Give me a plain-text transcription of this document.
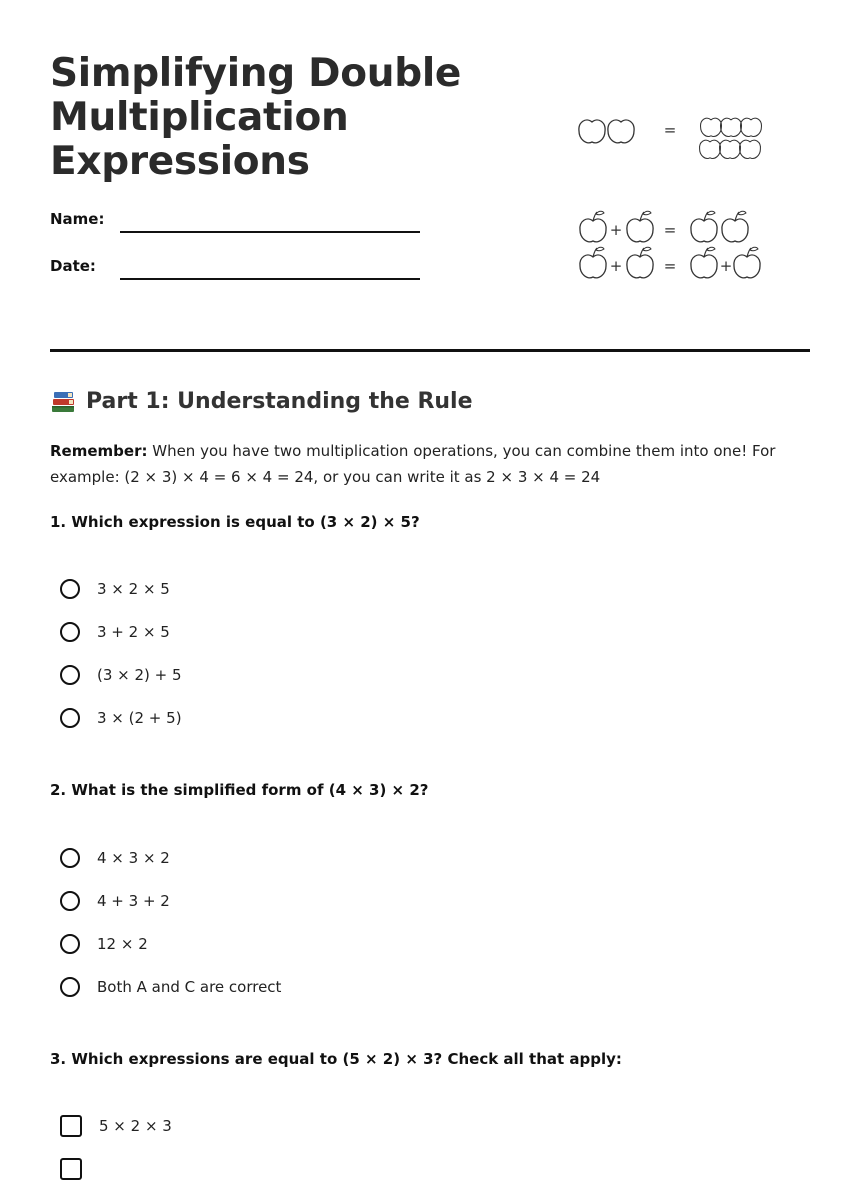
Simplifying Double Multiplication Expressions
Name:
Date:
=
+	=
+	=	+
Part 1: Understanding the Rule
Remember: When you have two multiplication operations, you can combine them into one! For example: (2 × 3) × 4 = 6 × 4 = 24, or you can write it as 2 × 3 × 4 = 24
1. Which expression is equal to (3 × 2) × 5?
3 × 2 × 5
3 + 2 × 5
(3 × 2) + 5
3 × (2 + 5)
2. What is the simplified form of (4 × 3) × 2?
4 × 3 × 2
4 + 3 + 2
12 × 2
Both A and C are correct
3. Which expressions are equal to (5 × 2) × 3? Check all that apply:
5 × 2 × 3
